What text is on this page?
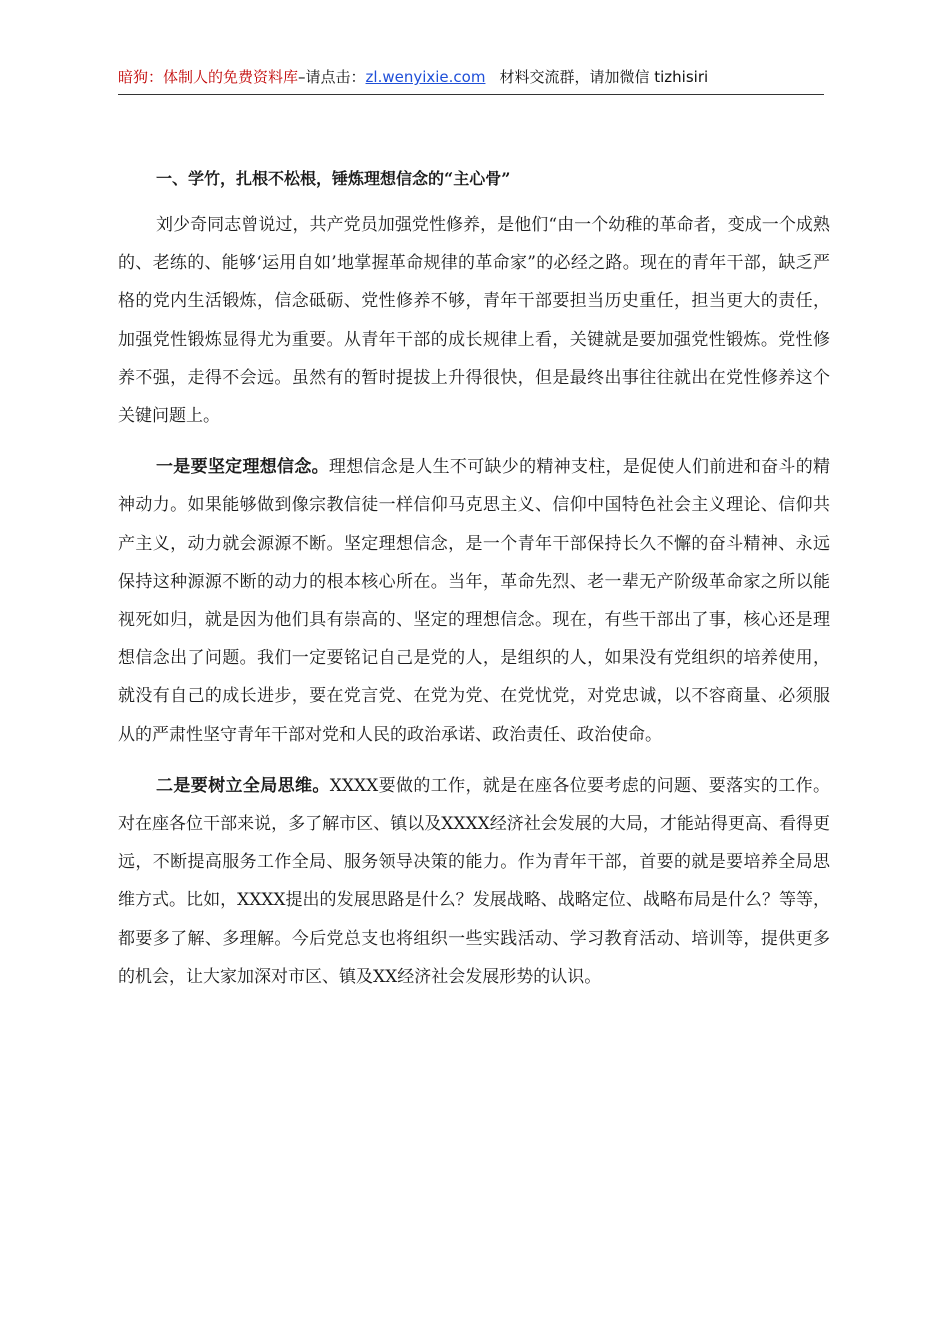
暗狗：体制人的免费资料库–请点击：zl.wenyixie.com 材料交流群，请加微信 tizhisiri

一、学竹，扎根不松根，锤炼理想信念的“主心骨”

刘少奇同志曾说过，共产党员加强党性修养，是他们“由一个幼稚的革命者，变成一个成熟的、老练的、能够‘运用自如’地掌握革命规律的革命家”的必经之路。现在的青年干部，缺乏严格的党内生活锻炼，信念砥砺、党性修养不够，青年干部要担当历史重任，担当更大的责任，加强党性锻炼显得尤为重要。从青年干部的成长规律上看，关键就是要加强党性锻炼。党性修养不强，走得不会远。虽然有的暂时提拔上升得很快，但是最终出事往往就出在党性修养这个关键问题上。

一是要坚定理想信念。理想信念是人生不可缺少的精神支柱，是促使人们前进和奋斗的精神动力。如果能够做到像宗教信徒一样信仰马克思主义、信仰中国特色社会主义理论、信仰共产主义，动力就会源源不断。坚定理想信念，是一个青年干部保持长久不懈的奋斗精神、永远保持这种源源不断的动力的根本核心所在。当年，革命先烈、老一辈无产阶级革命家之所以能视死如归，就是因为他们具有崇高的、坚定的理想信念。现在，有些干部出了事，核心还是理想信念出了问题。我们一定要铭记自己是党的人，是组织的人，如果没有党组织的培养使用，就没有自己的成长进步，要在党言党、在党为党、在党忧党，对党忠诚，以不容商量、必须服从的严肃性坚守青年干部对党和人民的政治承诺、政治责任、政治使命。

二是要树立全局思维。XXXX要做的工作，就是在座各位要考虑的问题、要落实的工作。对在座各位干部来说，多了解市区、镇以及XXXX经济社会发展的大局，才能站得更高、看得更远，不断提高服务工作全局、服务领导决策的能力。作为青年干部，首要的就是要培养全局思维方式。比如，XXXX提出的发展思路是什么？发展战略、战略定位、战略布局是什么？等等，都要多了解、多理解。今后党总支也将组织一些实践活动、学习教育活动、培训等，提供更多的机会，让大家加深对市区、镇及XX经济社会发展形势的认识。
